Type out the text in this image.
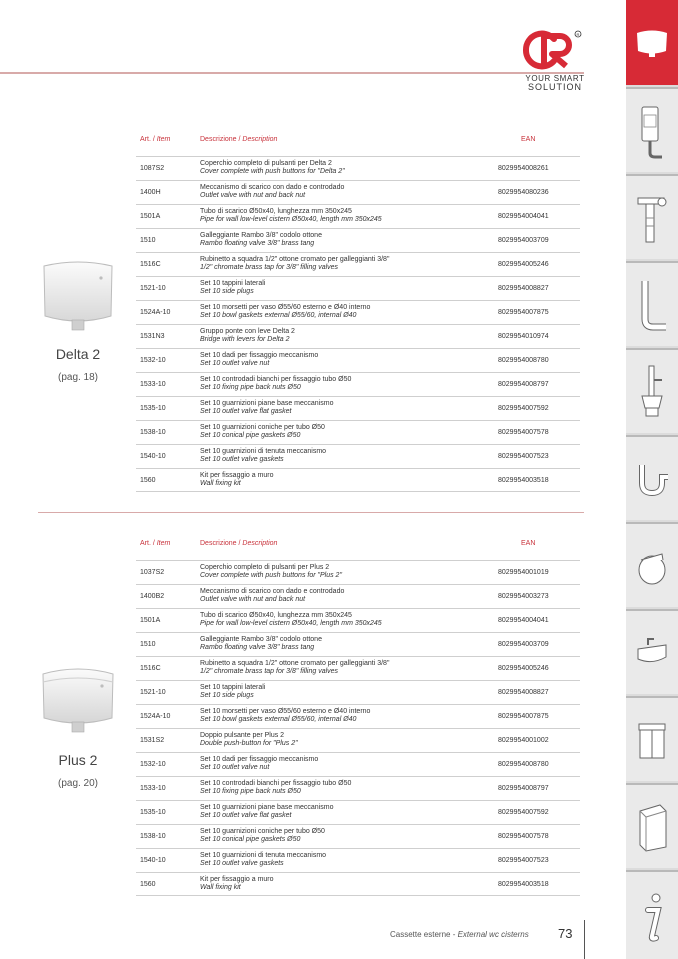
R
YOUR SMART
SOLUTION
Delta 2
(pag. 18)
Art. / Item	Descrizione / Description	EAN
1087S2
Coperchio completo di pulsanti per Delta 2
Cover complete with push buttons for "Delta 2"	8029954008261
1400H
Meccanismo di scarico con dado e controdado
Outlet valve with nut and back nut	8029954080236
1501A
Tubo di scarico Ø50x40, lunghezza mm 350x245
Pipe for wall low-level cistern Ø50x40, length mm 350x245	8029954004041
1510
Galleggiante Rambo 3/8" codolo ottone
Rambo floating valve 3/8" brass tang	8029954003709
1516C
Rubinetto a squadra 1/2" ottone cromato per galleggianti 3/8"
1/2" chromate brass tap for 3/8" filling valves	8029954005246
1521-10
Set 10 tappini laterali
Set 10 side plugs	8029954008827
1524A-10
Set 10 morsetti per vaso Ø55/60 esterno e Ø40 interno
Set 10 bowl gaskets external Ø55/60, internal Ø40	8029954007875
1531N3
Gruppo ponte con leve Delta 2
Bridge with levers for Delta 2	8029954010974
1532-10
Set 10 dadi per fissaggio meccanismo
Set 10 outlet valve nut	8029954008780
1533-10
Set 10 controdadi bianchi per fissaggio tubo Ø50
Set 10 fixing pipe back nuts Ø50	8029954008797
1535-10
Set 10 guarnizioni piane base meccanismo
Set 10 outlet valve flat gasket	8029954007592
1538-10
Set 10 guarnizioni coniche per tubo Ø50
Set 10 conical pipe gaskets Ø50	8029954007578
1540-10
Set 10 guarnizioni di tenuta meccanismo
Set 10 outlet valve gaskets	8029954007523
1560
Kit per fissaggio a muro
Wall fixing kit	8029954003518
Plus 2
(pag. 20)
Art. / Item	Descrizione / Description	EAN
1037S2
Coperchio completo di pulsanti per Plus 2
Cover complete with push buttons for "Plus 2"	8029954001019
1400B2
Meccanismo di scarico con dado e controdado
Outlet valve with nut and back nut	8029954003273
1501A
Tubo di scarico Ø50x40, lunghezza mm 350x245
Pipe for wall low-level cistern Ø50x40, length mm 350x245	8029954004041
1510
Galleggiante Rambo 3/8" codolo ottone
Rambo floating valve 3/8" brass tang	8029954003709
1516C
Rubinetto a squadra 1/2" ottone cromato per galleggianti 3/8"
1/2" chromate brass tap for 3/8" filling valves	8029954005246
1521-10
Set 10 tappini laterali
Set 10 side plugs	8029954008827
1524A-10
Set 10 morsetti per vaso Ø55/60 esterno e Ø40 interno
Set 10 bowl gaskets external Ø55/60, internal Ø40	8029954007875
1531S2
Doppio pulsante per Plus 2
Double push-button for "Plus 2"	8029954001002
1532-10
Set 10 dadi per fissaggio meccanismo
Set 10 outlet valve nut	8029954008780
1533-10
Set 10 controdadi bianchi per fissaggio tubo Ø50
Set 10 fixing pipe back nuts Ø50	8029954008797
1535-10
Set 10 guarnizioni piane base meccanismo
Set 10 outlet valve flat gasket	8029954007592
1538-10
Set 10 guarnizioni coniche per tubo Ø50
Set 10 conical pipe gaskets Ø50	8029954007578
1540-10
Set 10 guarnizioni di tenuta meccanismo
Set 10 outlet valve gaskets	8029954007523
1560
Kit per fissaggio a muro
Wall fixing kit	8029954003518
Cassette esterne - External wc cisterns 73
